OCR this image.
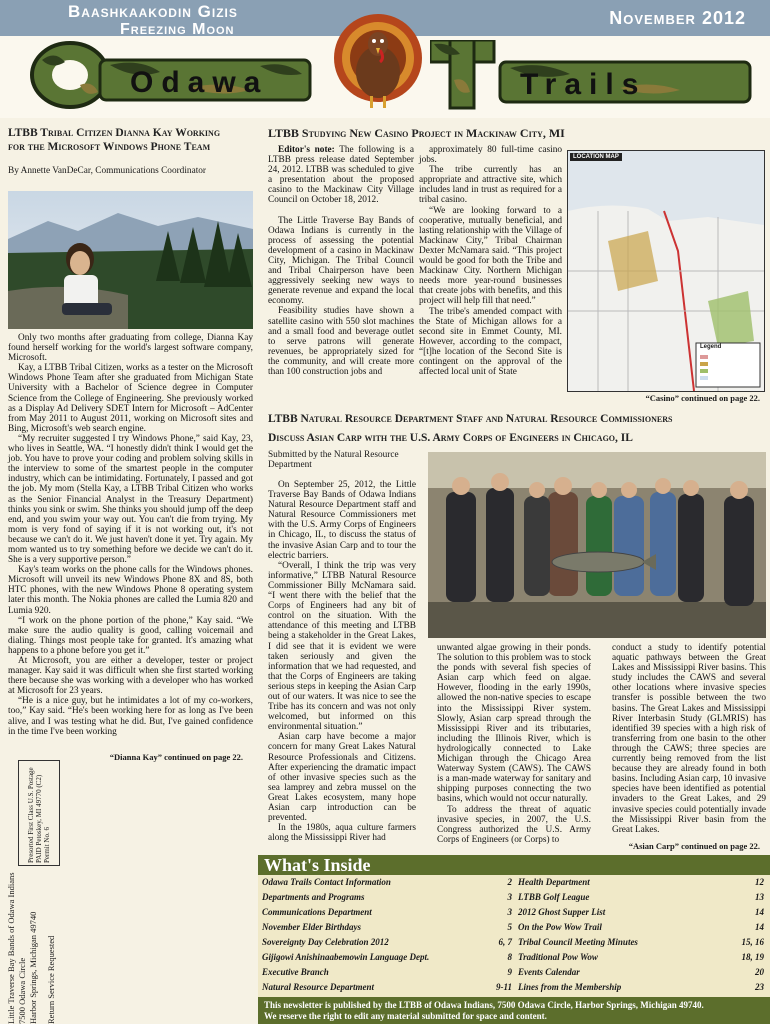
Baashkaakodin Gizis
Freezing Moon
November 2012
Odawa	Trails
LTBB Tribal Citizen Dianna Kay Working
for the Microsoft Windows Phone Team
By Annette VanDeCar, Communications Coordinator

Only two months after graduating from college, Dianna Kay found herself working for the world's largest software company, Microsoft.

Kay, a LTBB Tribal Citizen, works as a tester on the Microsoft Windows Phone Team after she graduated from Michigan State University with a Bachelor of Science degree in Computer Science from the College of Engineering. She previously worked as a Display Ad Delivery SDET Intern for Microsoft – AdCenter from May 2011 to August 2011, working on Microsoft sites and Bing, Microsoft's web search engine.

“My recruiter suggested I try Windows Phone,” said Kay, 23, who lives in Seattle, WA. “I honestly didn't think I would get the job. You have to prove your coding and problem solving skills in the interview to some of the smartest people in the computer industry, which can be intimidating. Fortunately, I passed and got the job. My mom (Stella Kay, a LTBB Tribal Citizen who works as the Senior Financial Analyst in the Treasury Department) thinks you sink or swim. She thinks you should jump off the deep end, and you swim your way out. You can't die from trying. My mom is very fond of saying if it is not working out, it's not because we can't do it. We just haven't done it yet. Try again. My mom wanted us to try something before we decide we can't do it. She is a very supportive person.”

Kay's team works on the phone calls for the Windows phones. Microsoft will unveil its new Windows Phone 8X and 8S, both HTC phones, with the new Windows Phone 8 operating system later this month. The Nokia phones are called the Lumia 820 and Lumia 920.

“I work on the phone portion of the phone,” Kay said. “We make sure the audio quality is good, calling voicemail and dialing. Things most people take for granted. It's amazing what happens to a phone before you get it.”

At Microsoft, you are either a developer, tester or project manager. Kay said it was difficult when she first started working there because she was working with a developer who has worked at Microsoft for 23 years.

“He is a nice guy, but he intimidates a lot of my co-workers, too,” Kay said. “He's been working here for as long as I've been alive, and I was testing what he did. But, I've gained confidence in the time I've been working

“Dianna Kay” continued on page 22.
Presorted First Class U.S. Postage PAID Petoskey, MI 49770 (C2) Permit No. 6
Little Traverse Bay Bands of Odawa Indians 7500 Odawa Circle Harbor Springs, Michigan 49740 Return Service Requested
LTBB Studying New Casino Project in Mackinaw City, MI

Editor's note: The following is a LTBB press release dated September 24, 2012. LTBB was scheduled to give a presentation about the proposed casino to the Mackinaw City Village Council on October 18, 2012.

The Little Traverse Bay Bands of Odawa Indians is currently in the process of assessing the potential development of a casino in Mackinaw City, Michigan. The Tribal Council and Tribal Chairperson have been aggressively seeking new ways to generate revenue and expand the local economy.

Feasibility studies have shown a satellite casino with 550 slot machines and a small food and beverage outlet to serve patrons will generate revenues, be appropriately sized for the community, and will create more than 100 construction jobs and

approximately 80 full-time casino jobs.

The tribe currently has an appropriate and attractive site, which includes land in trust as required for a tribal casino.

“We are looking forward to a cooperative, mutually beneficial, and lasting relationship with the Village of Mackinaw City,” Tribal Chairman Dexter McNamara said. “This project would be good for both the Tribe and Mackinaw City. Northern Michigan needs more year-round businesses that create jobs with benefits, and this project will help fill that need.”

The tribe's amended compact with the State of Michigan allows for a second site in Emmet County, MI. However, according to the compact, “[t]he location of the Second Site is contingent on the approval of the affected local unit of State

LOCATION MAP
Legend
“Casino” continued on page 22.
LTBB Natural Resource Department Staff and Natural Resource Commissioners
Discuss Asian Carp with the U.S. Army Corps of Engineers in Chicago, IL
Submitted by the Natural Resource Department

On September 25, 2012, the Little Traverse Bay Bands of Odawa Indians Natural Resource Department staff and Natural Resource Commissioners met with the U.S. Army Corps of Engineers in Chicago, IL, to discuss the status of the invasive Asian Carp and to tour the electric barriers.

“Overall, I think the trip was very informative,” LTBB Natural Resource Commissioner Billy McNamara said. “I went there with the belief that the Corps of Engineers had any bit of control on the situation. With the attendance of this meeting and LTBB being a stakeholder in the Great Lakes, I did see that it is evident we were taken seriously and given the information that we had requested, and that the Corps of Engineers are taking serious steps in keeping the Asian Carp out of our waters. It was nice to see the Tribe has its concern and was not only welcomed, but informed on this environmental situation.”

Asian carp have become a major concern for many Great Lakes Natural Resource Professionals and Citizens. After experiencing the dramatic impact of other invasive species such as the sea lamprey and zebra mussel on the Great Lakes ecosystem, many hope Asian carp introduction can be prevented.

In the 1980s, aqua culture farmers along the Mississippi River had

unwanted algae growing in their ponds. The solution to this problem was to stock the ponds with several fish species of Asian carp which feed on algae. However, flooding in the early 1990s, allowed the non-native species to escape into the Mississippi River system. Slowly, Asian carp spread through the Mississippi River and its tributaries, including the Illinois River, which is hydrologically connected to Lake Michigan through the Chicago Area Waterway System (CAWS). The CAWS is a man-made waterway for sanitary and shipping purposes connecting the two basins, which would not occur naturally.

To address the threat of aquatic invasive species, in 2007, the U.S. Congress authorized the U.S. Army Corps of Engineers (or Corps) to

conduct a study to identify potential aquatic pathways between the Great Lakes and Mississippi River basins. This study includes the CAWS and several other locations where invasive species transfer is possible between the two basins. The Great Lakes and Mississippi River Interbasin Study (GLMRIS) has identified 39 species with a high risk of transferring from one basin to the other through the CAWS; three species are currently being removed from the list because they are already found in both basins. Including Asian carp, 10 invasive species have been identified as potential invaders to the Great Lakes, and 29 invasive species could potentially invade the Mississippi River basin from the Great Lakes.

“Asian Carp” continued on page 22.
What's Inside
Odawa Trails Contact Information	2
Departments and Programs	3
Communications Department	3
November Elder Birthdays	5
Sovereignty Day Celebration 2012	6, 7
Gijigowi Anishinaabemowin Language Dept.	8
Executive Branch	9
Natural Resource Department	9-11
Health Department	12
LTBB Golf League	13
2012 Ghost Supper List	14
On the Pow Wow Trail	14
Tribal Council Meeting Minutes	15, 16
Traditional Pow Wow	18, 19
Events Calendar	20
Lines from the Membership	23
This newsletter is published by the LTBB of Odawa Indians, 7500 Odawa Circle, Harbor Springs, Michigan 49740.
We reserve the right to edit any material submitted for space and content.
